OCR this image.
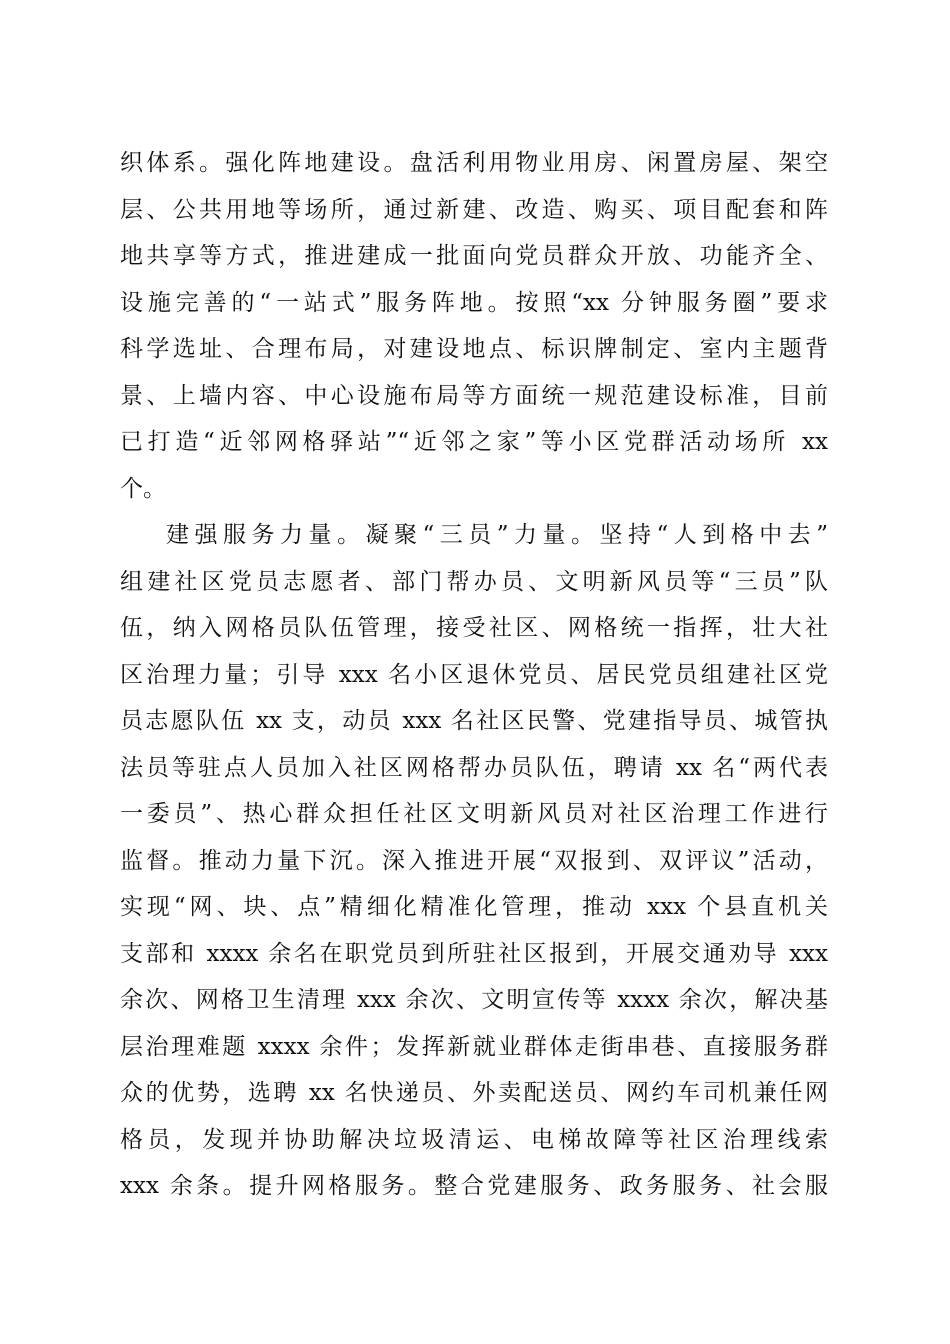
织体系。强化阵地建设。盘活利用物业用房、闲置房屋、架空
层、公共用地等场所，通过新建、改造、购买、项目配套和阵
地共享等方式，推进建成一批面向党员群众开放、功能齐全、
设施完善的“一站式”服务阵地。按照“xx 分钟服务圈”要求
科学选址、合理布局，对建设地点、标识牌制定、室内主题背
景、上墙内容、中心设施布局等方面统一规范建设标准，目前
已打造“近邻网格驿站”“近邻之家”等小区党群活动场所 xx
个。
建强服务力量。凝聚“三员”力量。坚持“人到格中去”
组建社区党员志愿者、部门帮办员、文明新风员等“三员”队
伍，纳入网格员队伍管理，接受社区、网格统一指挥，壮大社
区治理力量；引导 xxx 名小区退休党员、居民党员组建社区党
员志愿队伍 xx 支，动员 xxx 名社区民警、党建指导员、城管执
法员等驻点人员加入社区网格帮办员队伍，聘请 xx 名“两代表
一委员”、热心群众担任社区文明新风员对社区治理工作进行
监督。推动力量下沉。深入推进开展“双报到、双评议”活动，
实现“网、块、点”精细化精准化管理，推动 xxx 个县直机关
支部和 xxxx 余名在职党员到所驻社区报到，开展交通劝导 xxx
余次、网格卫生清理 xxx 余次、文明宣传等 xxxx 余次，解决基
层治理难题 xxxx 余件；发挥新就业群体走街串巷、直接服务群
众的优势，选聘 xx 名快递员、外卖配送员、网约车司机兼任网
格员，发现并协助解决垃圾清运、电梯故障等社区治理线索
xxx 余条。提升网格服务。整合党建服务、政务服务、社会服
